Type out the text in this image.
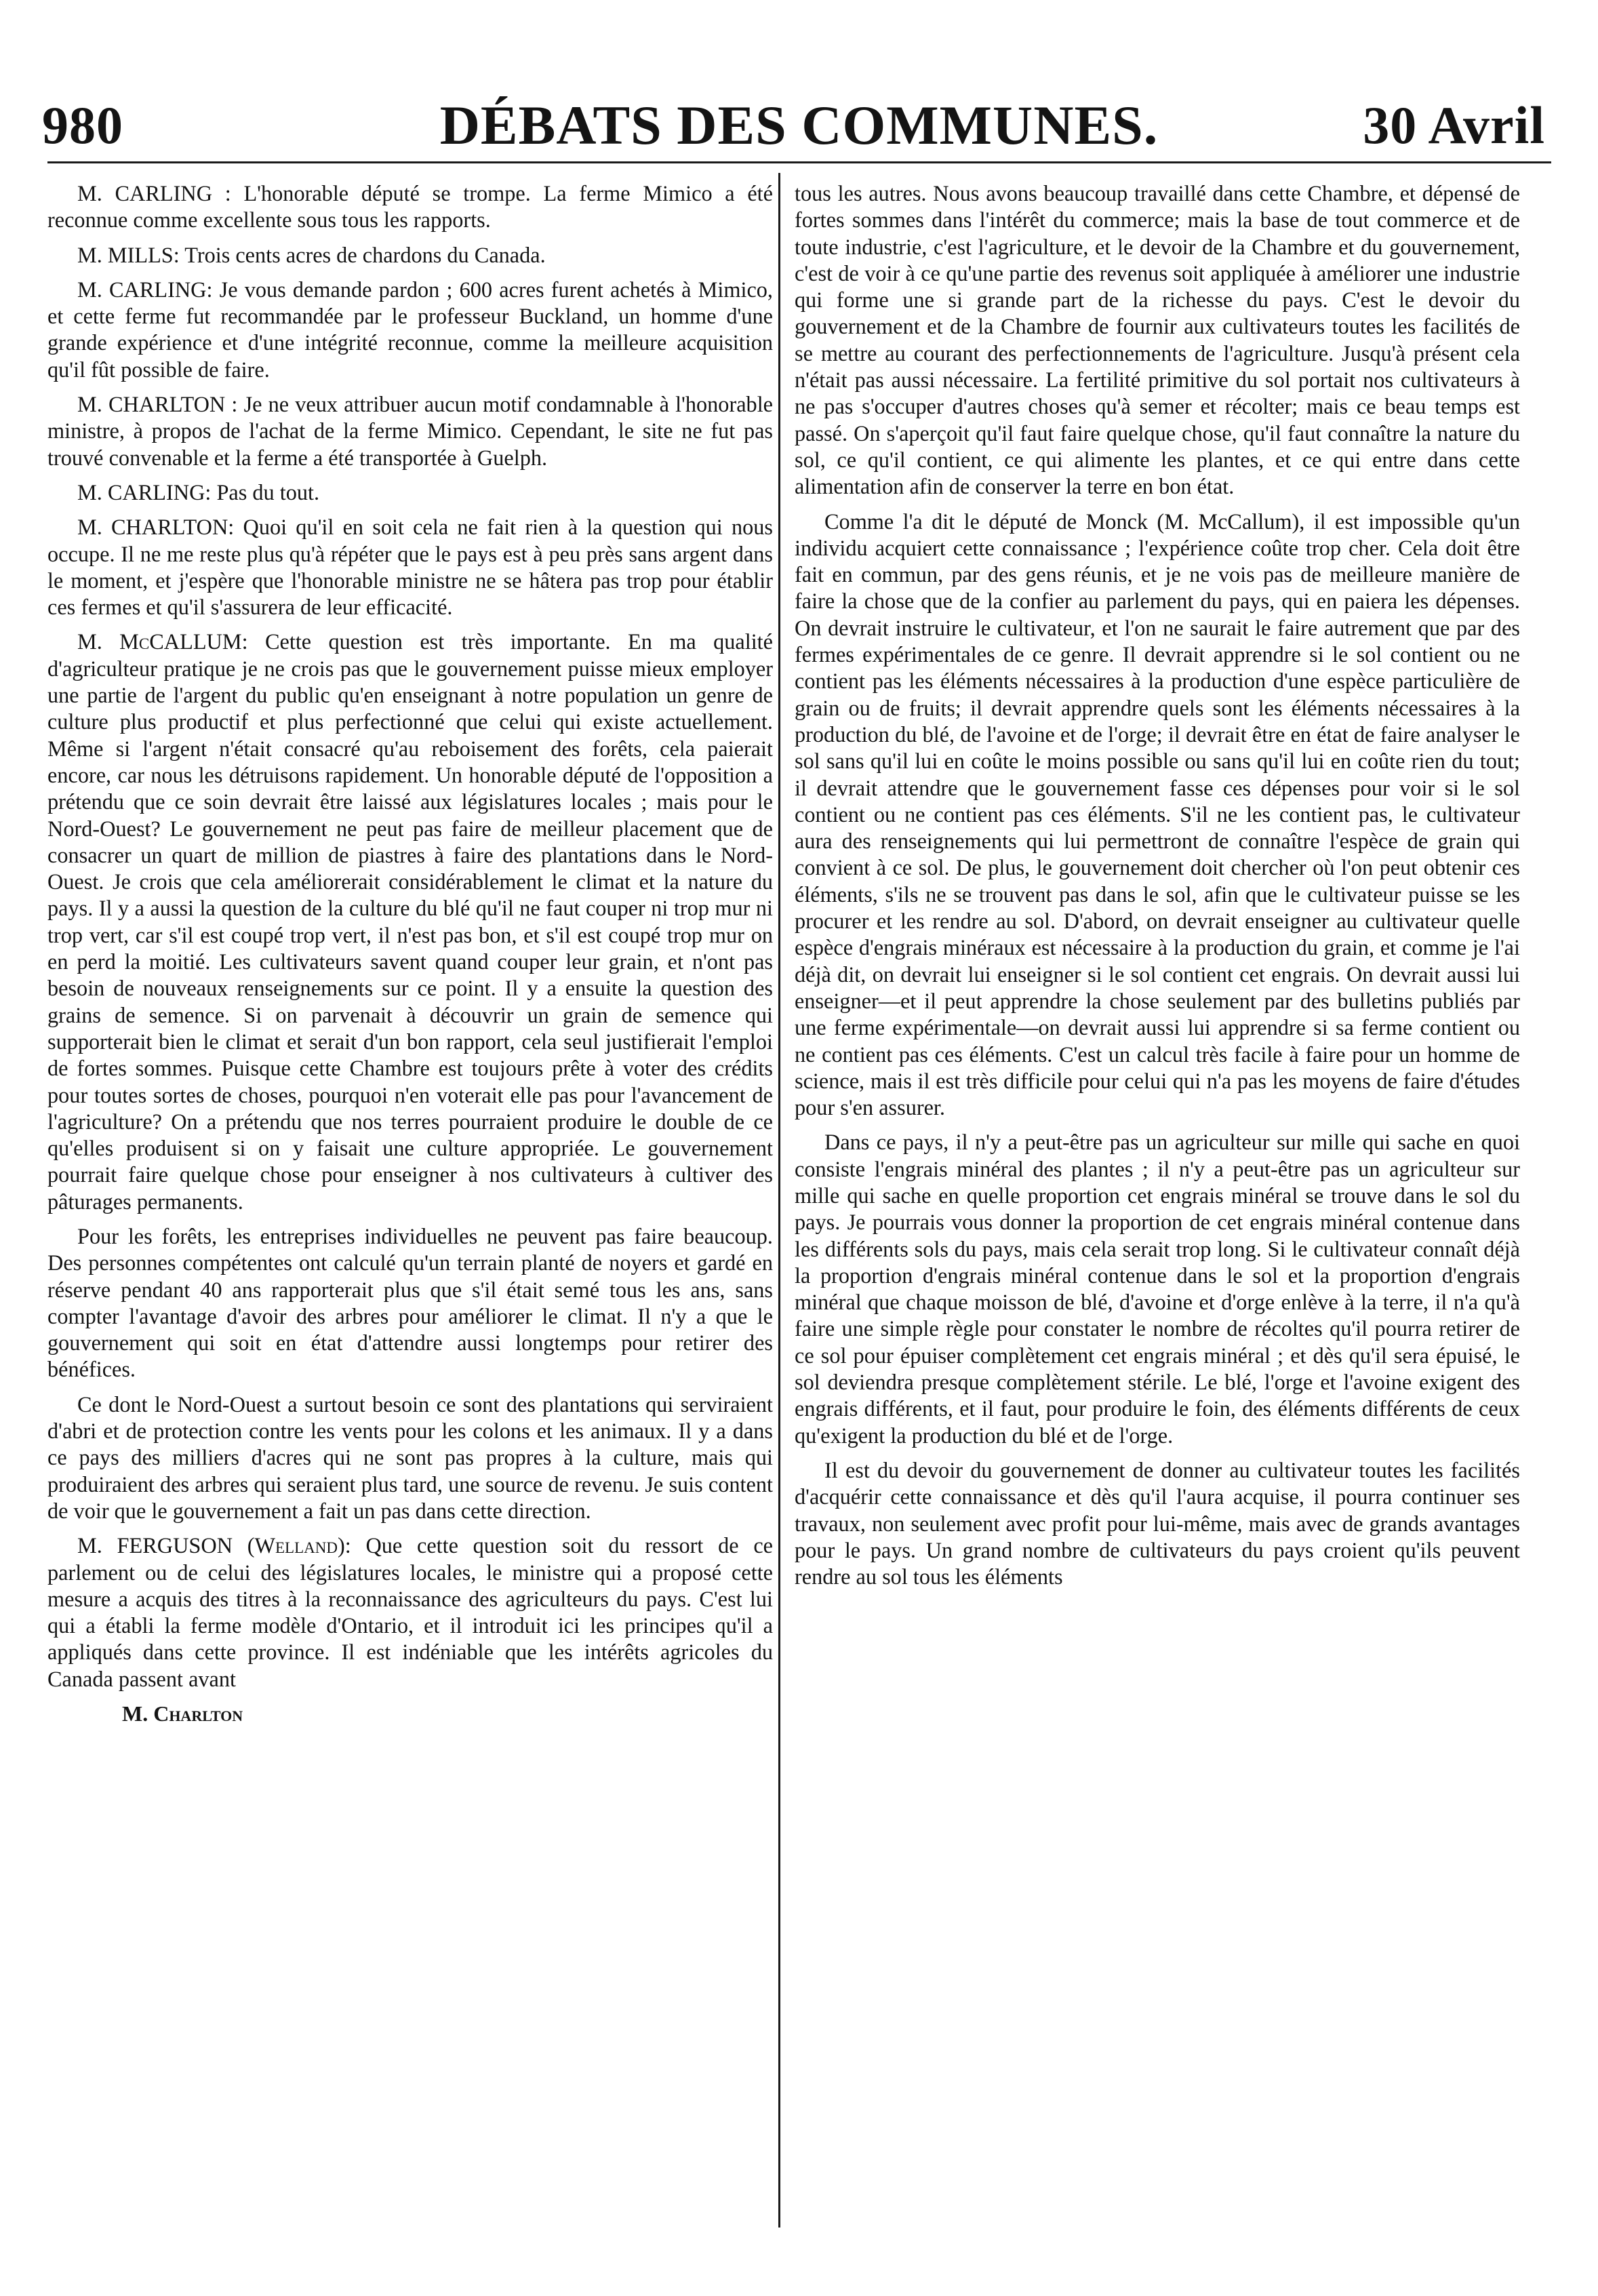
980	DÉBATS DES COMMUNES.	30 Avril

M. CARLING : L'honorable député se trompe. La ferme Mimico a été reconnue comme excellente sous tous les rapports.

M. MILLS: Trois cents acres de chardons du Canada.

M. CARLING: Je vous demande pardon ; 600 acres furent achetés à Mimico, et cette ferme fut recommandée par le professeur Buckland, un homme d'une grande expérience et d'une intégrité reconnue, comme la meilleure acquisition qu'il fût possible de faire.

M. CHARLTON : Je ne veux attribuer aucun motif condamnable à l'honorable ministre, à propos de l'achat de la ferme Mimico. Cependant, le site ne fut pas trouvé convenable et la ferme a été transportée à Guelph.

M. CARLING: Pas du tout.

M. CHARLTON: Quoi qu'il en soit cela ne fait rien à la question qui nous occupe. Il ne me reste plus qu'à répéter que le pays est à peu près sans argent dans le moment, et j'espère que l'honorable ministre ne se hâtera pas trop pour établir ces fermes et qu'il s'assurera de leur efficacité.

M. McCALLUM: Cette question est très importante. En ma qualité d'agriculteur pratique je ne crois pas que le gouvernement puisse mieux employer une partie de l'argent du public qu'en enseignant à notre population un genre de culture plus productif et plus perfectionné que celui qui existe actuellement. Même si l'argent n'était consacré qu'au reboisement des forêts, cela paierait encore, car nous les détruisons rapidement. Un honorable député de l'opposition a prétendu que ce soin devrait être laissé aux législatures locales ; mais pour le Nord-Ouest? Le gouvernement ne peut pas faire de meilleur placement que de consacrer un quart de million de piastres à faire des plantations dans le Nord-Ouest. Je crois que cela améliorerait considérablement le climat et la nature du pays. Il y a aussi la question de la culture du blé qu'il ne faut couper ni trop mur ni trop vert, car s'il est coupé trop vert, il n'est pas bon, et s'il est coupé trop mur on en perd la moitié. Les cultivateurs savent quand couper leur grain, et n'ont pas besoin de nouveaux renseignements sur ce point. Il y a ensuite la question des grains de semence. Si on parvenait à découvrir un grain de semence qui supporterait bien le climat et serait d'un bon rapport, cela seul justifierait l'emploi de fortes sommes. Puisque cette Chambre est toujours prête à voter des crédits pour toutes sortes de choses, pourquoi n'en voterait elle pas pour l'avancement de l'agriculture? On a prétendu que nos terres pourraient produire le double de ce qu'elles produisent si on y faisait une culture appropriée. Le gouvernement pourrait faire quelque chose pour enseigner à nos cultivateurs à cultiver des pâturages permanents.

Pour les forêts, les entreprises individuelles ne peuvent pas faire beaucoup. Des personnes compétentes ont calculé qu'un terrain planté de noyers et gardé en réserve pendant 40 ans rapporterait plus que s'il était semé tous les ans, sans compter l'avantage d'avoir des arbres pour améliorer le climat. Il n'y a que le gouvernement qui soit en état d'attendre aussi longtemps pour retirer des bénéfices.

Ce dont le Nord-Ouest a surtout besoin ce sont des plantations qui serviraient d'abri et de protection contre les vents pour les colons et les animaux. Il y a dans ce pays des milliers d'acres qui ne sont pas propres à la culture, mais qui produiraient des arbres qui seraient plus tard, une source de revenu. Je suis content de voir que le gouvernement a fait un pas dans cette direction.

M. FERGUSON (Welland): Que cette question soit du ressort de ce parlement ou de celui des législatures locales, le ministre qui a proposé cette mesure a acquis des titres à la reconnaissance des agriculteurs du pays. C'est lui qui a établi la ferme modèle d'Ontario, et il introduit ici les principes qu'il a appliqués dans cette province. Il est indéniable que les intérêts agricoles du Canada passent avant

M. Charlton

tous les autres. Nous avons beaucoup travaillé dans cette Chambre, et dépensé de fortes sommes dans l'intérêt du commerce; mais la base de tout commerce et de toute industrie, c'est l'agriculture, et le devoir de la Chambre et du gouvernement, c'est de voir à ce qu'une partie des revenus soit appliquée à améliorer une industrie qui forme une si grande part de la richesse du pays. C'est le devoir du gouvernement et de la Chambre de fournir aux cultivateurs toutes les facilités de se mettre au courant des perfectionnements de l'agriculture. Jusqu'à présent cela n'était pas aussi nécessaire. La fertilité primitive du sol portait nos cultivateurs à ne pas s'occuper d'autres choses qu'à semer et récolter; mais ce beau temps est passé. On s'aperçoit qu'il faut faire quelque chose, qu'il faut connaître la nature du sol, ce qu'il contient, ce qui alimente les plantes, et ce qui entre dans cette alimentation afin de conserver la terre en bon état.

Comme l'a dit le député de Monck (M. McCallum), il est impossible qu'un individu acquiert cette connaissance ; l'expérience coûte trop cher. Cela doit être fait en commun, par des gens réunis, et je ne vois pas de meilleure manière de faire la chose que de la confier au parlement du pays, qui en paiera les dépenses. On devrait instruire le cultivateur, et l'on ne saurait le faire autrement que par des fermes expérimentales de ce genre. Il devrait apprendre si le sol contient ou ne contient pas les éléments nécessaires à la production d'une espèce particulière de grain ou de fruits; il devrait apprendre quels sont les éléments nécessaires à la production du blé, de l'avoine et de l'orge; il devrait être en état de faire analyser le sol sans qu'il lui en coûte le moins possible ou sans qu'il lui en coûte rien du tout; il devrait attendre que le gouvernement fasse ces dépenses pour voir si le sol contient ou ne contient pas ces éléments. S'il ne les contient pas, le cultivateur aura des renseignements qui lui permettront de connaître l'espèce de grain qui convient à ce sol. De plus, le gouvernement doit chercher où l'on peut obtenir ces éléments, s'ils ne se trouvent pas dans le sol, afin que le cultivateur puisse se les procurer et les rendre au sol. D'abord, on devrait enseigner au cultivateur quelle espèce d'engrais minéraux est nécessaire à la production du grain, et comme je l'ai déjà dit, on devrait lui enseigner si le sol contient cet engrais. On devrait aussi lui enseigner—et il peut apprendre la chose seulement par des bulletins publiés par une ferme expérimentale—on devrait aussi lui apprendre si sa ferme contient ou ne contient pas ces éléments. C'est un calcul très facile à faire pour un homme de science, mais il est très difficile pour celui qui n'a pas les moyens de faire d'études pour s'en assurer.

Dans ce pays, il n'y a peut-être pas un agriculteur sur mille qui sache en quoi consiste l'engrais minéral des plantes ; il n'y a peut-être pas un agriculteur sur mille qui sache en quelle proportion cet engrais minéral se trouve dans le sol du pays. Je pourrais vous donner la proportion de cet engrais minéral contenue dans les différents sols du pays, mais cela serait trop long. Si le cultivateur connaît déjà la proportion d'engrais minéral contenue dans le sol et la proportion d'engrais minéral que chaque moisson de blé, d'avoine et d'orge enlève à la terre, il n'a qu'à faire une simple règle pour constater le nombre de récoltes qu'il pourra retirer de ce sol pour épuiser complètement cet engrais minéral ; et dès qu'il sera épuisé, le sol deviendra presque complètement stérile. Le blé, l'orge et l'avoine exigent des engrais différents, et il faut, pour produire le foin, des éléments différents de ceux qu'exigent la production du blé et de l'orge.

Il est du devoir du gouvernement de donner au cultivateur toutes les facilités d'acquérir cette connaissance et dès qu'il l'aura acquise, il pourra continuer ses travaux, non seulement avec profit pour lui-même, mais avec de grands avantages pour le pays. Un grand nombre de cultivateurs du pays croient qu'ils peuvent rendre au sol tous les éléments
